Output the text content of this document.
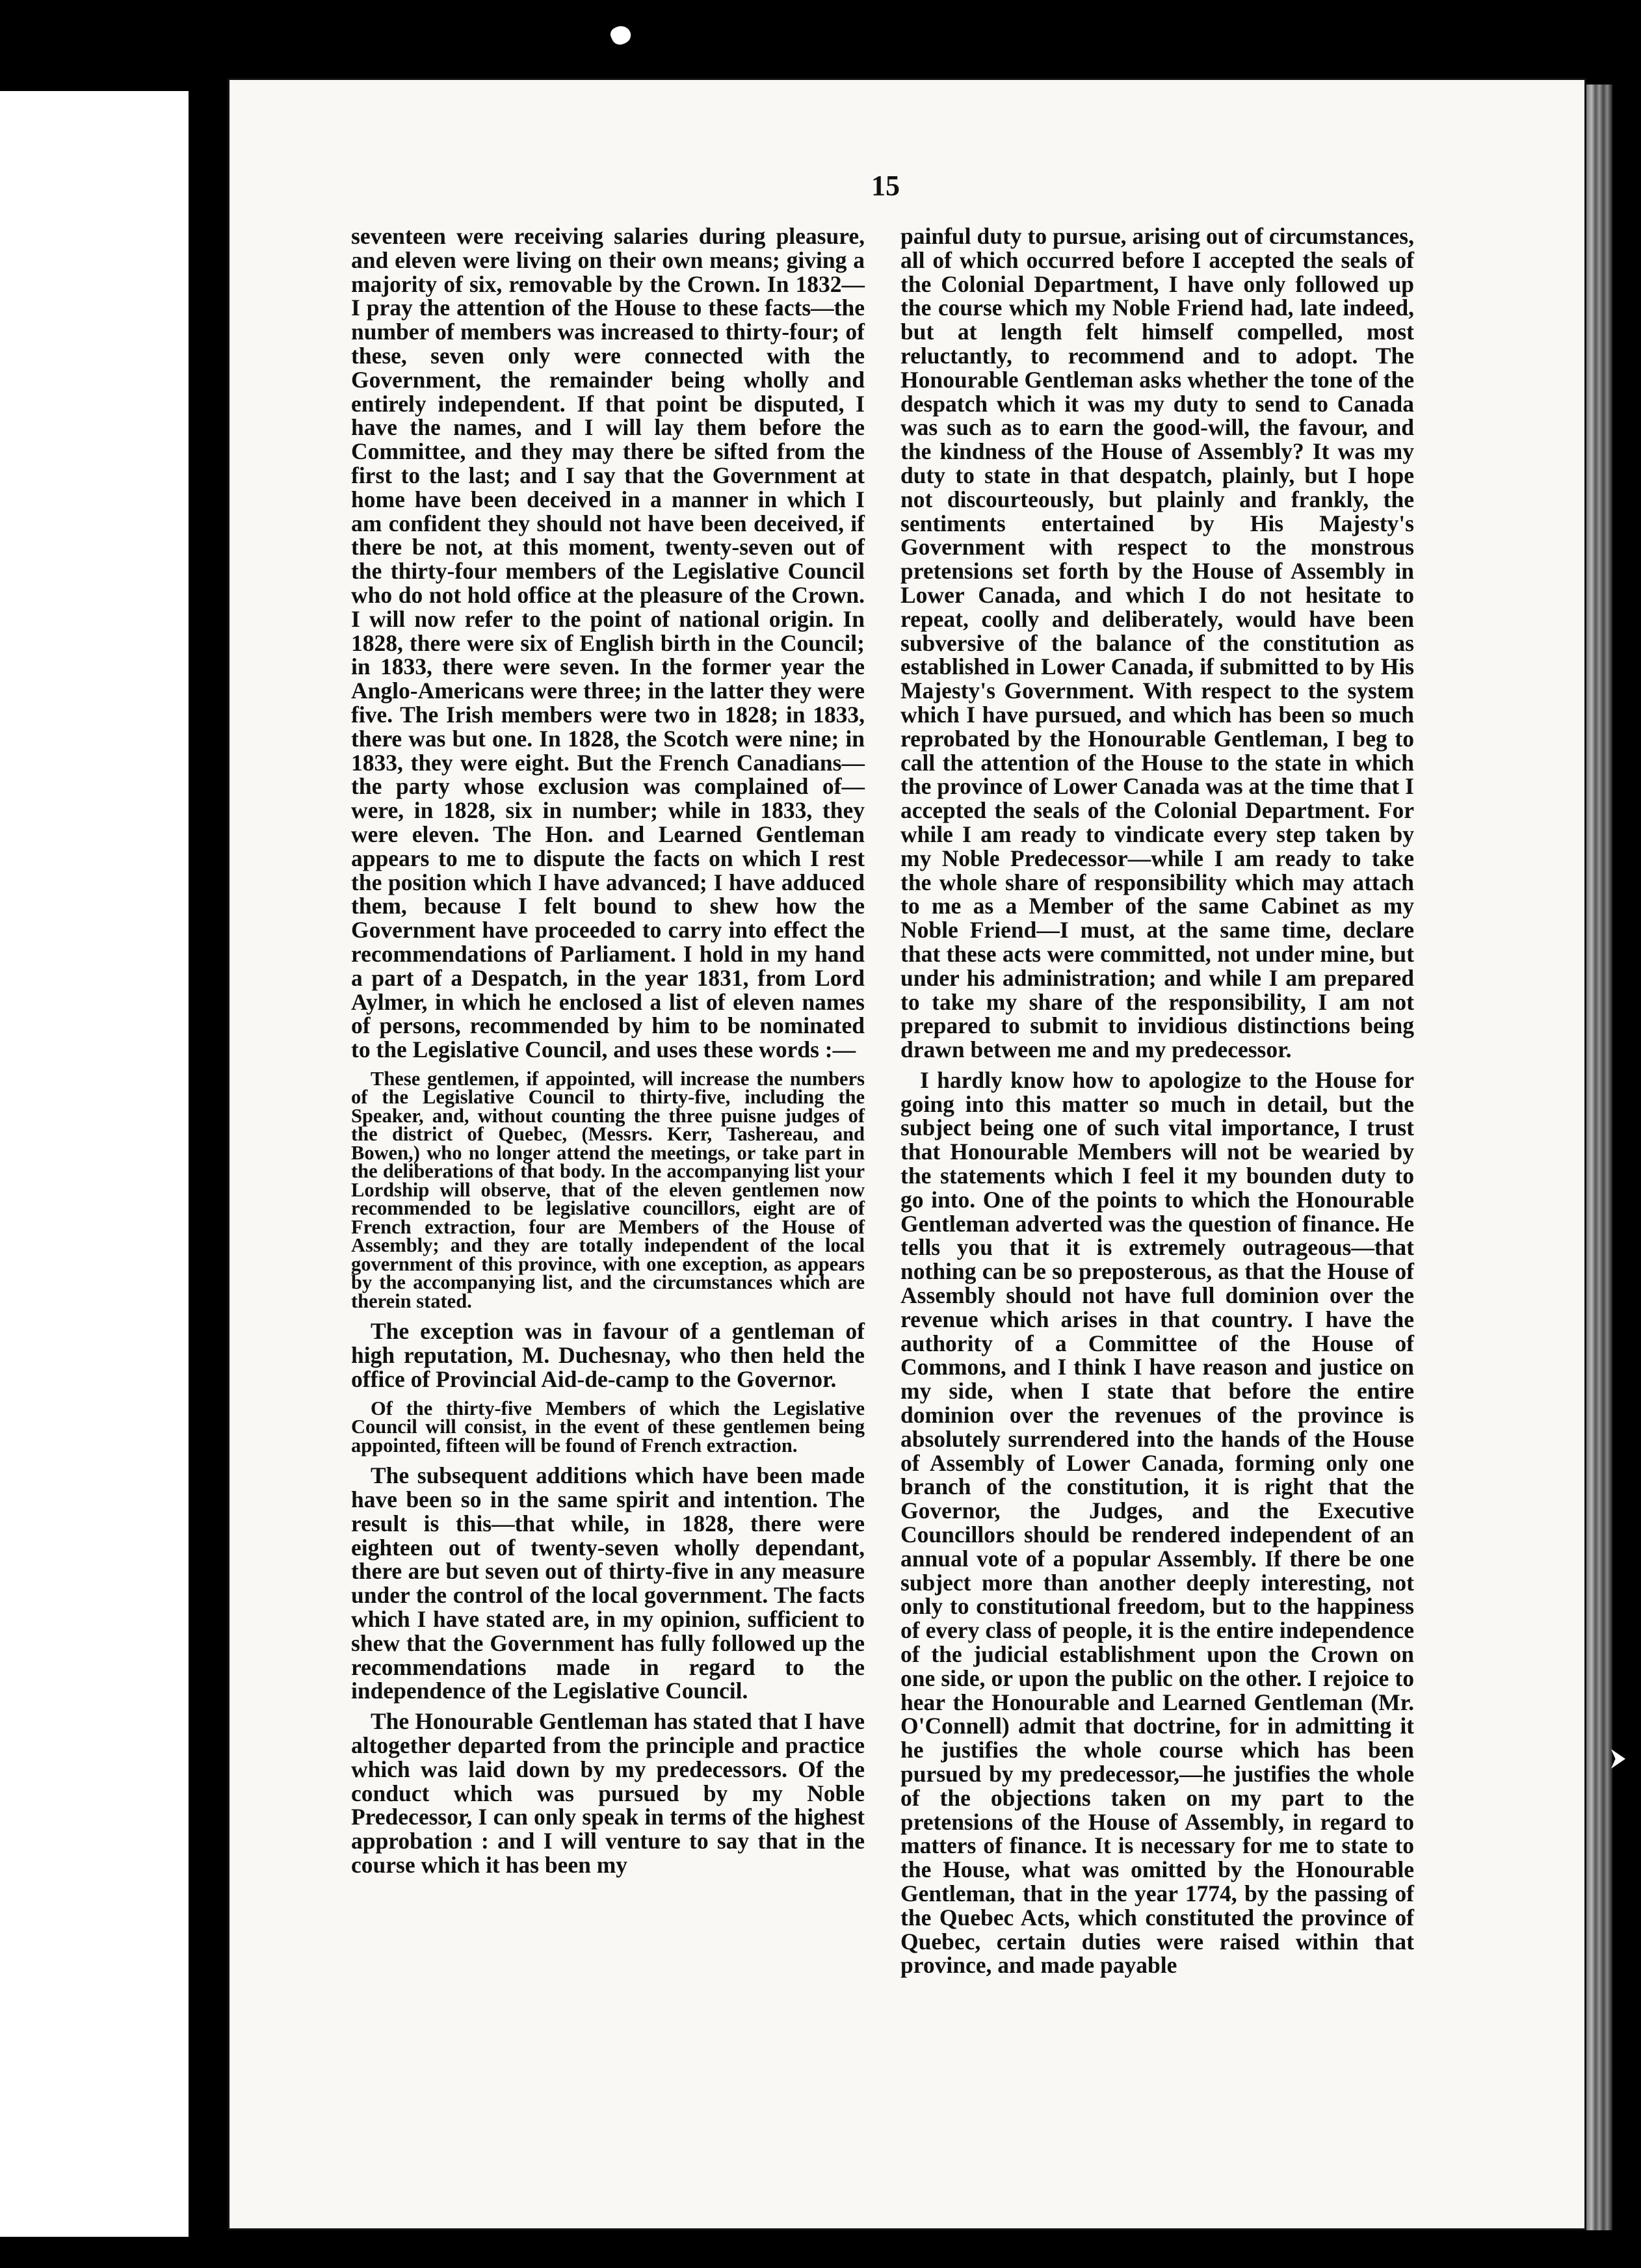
15

seventeen were receiving salaries during pleasure, and eleven were living on their own means; giving a majority of six, removable by the Crown. In 1832—I pray the attention of the House to these facts—the number of members was increased to thirty-four; of these, seven only were connected with the Government, the remainder being wholly and entirely independent. If that point be disputed, I have the names, and I will lay them before the Committee, and they may there be sifted from the first to the last; and I say that the Government at home have been deceived in a manner in which I am confident they should not have been deceived, if there be not, at this moment, twenty-seven out of the thirty-four members of the Legislative Council who do not hold office at the pleasure of the Crown. I will now refer to the point of national origin. In 1828, there were six of English birth in the Council; in 1833, there were seven. In the former year the Anglo-Americans were three; in the latter they were five. The Irish members were two in 1828; in 1833, there was but one. In 1828, the Scotch were nine; in 1833, they were eight. But the French Canadians—the party whose exclusion was complained of—were, in 1828, six in number; while in 1833, they were eleven. The Hon. and Learned Gentleman appears to me to dispute the facts on which I rest the position which I have advanced; I have adduced them, because I felt bound to shew how the Government have proceeded to carry into effect the recommendations of Parliament. I hold in my hand a part of a Despatch, in the year 1831, from Lord Aylmer, in which he enclosed a list of eleven names of persons, recommended by him to be nominated to the Legislative Council, and uses these words :—

These gentlemen, if appointed, will increase the numbers of the Legislative Council to thirty-five, including the Speaker, and, without counting the three puisne judges of the district of Quebec, (Messrs. Kerr, Tashereau, and Bowen,) who no longer attend the meetings, or take part in the deliberations of that body. In the accompanying list your Lordship will observe, that of the eleven gentlemen now recommended to be legislative councillors, eight are of French extraction, four are Members of the House of Assembly; and they are totally independent of the local government of this province, with one exception, as appears by the accompanying list, and the circumstances which are therein stated.

The exception was in favour of a gentleman of high reputation, M. Duchesnay, who then held the office of Provincial Aid-de-camp to the Governor.

Of the thirty-five Members of which the Legislative Council will consist, in the event of these gentlemen being appointed, fifteen will be found of French extraction.

The subsequent additions which have been made have been so in the same spirit and intention. The result is this—that while, in 1828, there were eighteen out of twenty-seven wholly dependant, there are but seven out of thirty-five in any measure under the control of the local government. The facts which I have stated are, in my opinion, sufficient to shew that the Government has fully followed up the recommendations made in regard to the independence of the Legislative Council.

The Honourable Gentleman has stated that I have altogether departed from the principle and practice which was laid down by my predecessors. Of the conduct which was pursued by my Noble Predecessor, I can only speak in terms of the highest approbation : and I will venture to say that in the course which it has been my

painful duty to pursue, arising out of circumstances, all of which occurred before I accepted the seals of the Colonial Department, I have only followed up the course which my Noble Friend had, late indeed, but at length felt himself compelled, most reluctantly, to recommend and to adopt. The Honourable Gentleman asks whether the tone of the despatch which it was my duty to send to Canada was such as to earn the good-will, the favour, and the kindness of the House of Assembly? It was my duty to state in that despatch, plainly, but I hope not discourteously, but plainly and frankly, the sentiments entertained by His Majesty's Government with respect to the monstrous pretensions set forth by the House of Assembly in Lower Canada, and which I do not hesitate to repeat, coolly and deliberately, would have been subversive of the balance of the constitution as established in Lower Canada, if submitted to by His Majesty's Government. With respect to the system which I have pursued, and which has been so much reprobated by the Honourable Gentleman, I beg to call the attention of the House to the state in which the province of Lower Canada was at the time that I accepted the seals of the Colonial Department. For while I am ready to vindicate every step taken by my Noble Predecessor—while I am ready to take the whole share of responsibility which may attach to me as a Member of the same Cabinet as my Noble Friend—I must, at the same time, declare that these acts were committed, not under mine, but under his administration; and while I am prepared to take my share of the responsibility, I am not prepared to submit to invidious distinctions being drawn between me and my predecessor.

I hardly know how to apologize to the House for going into this matter so much in detail, but the subject being one of such vital importance, I trust that Honourable Members will not be wearied by the statements which I feel it my bounden duty to go into. One of the points to which the Honourable Gentleman adverted was the question of finance. He tells you that it is extremely outrageous—that nothing can be so preposterous, as that the House of Assembly should not have full dominion over the revenue which arises in that country. I have the authority of a Committee of the House of Commons, and I think I have reason and justice on my side, when I state that before the entire dominion over the revenues of the province is absolutely surrendered into the hands of the House of Assembly of Lower Canada, forming only one branch of the constitution, it is right that the Governor, the Judges, and the Executive Councillors should be rendered independent of an annual vote of a popular Assembly. If there be one subject more than another deeply interesting, not only to constitutional freedom, but to the happiness of every class of people, it is the entire independence of the judicial establishment upon the Crown on one side, or upon the public on the other. I rejoice to hear the Honourable and Learned Gentleman (Mr. O'Connell) admit that doctrine, for in admitting it he justifies the whole course which has been pursued by my predecessor,—he justifies the whole of the objections taken on my part to the pretensions of the House of Assembly, in regard to matters of finance. It is necessary for me to state to the House, what was omitted by the Honourable Gentleman, that in the year 1774, by the passing of the Quebec Acts, which constituted the province of Quebec, certain duties were raised within that province, and made payable
